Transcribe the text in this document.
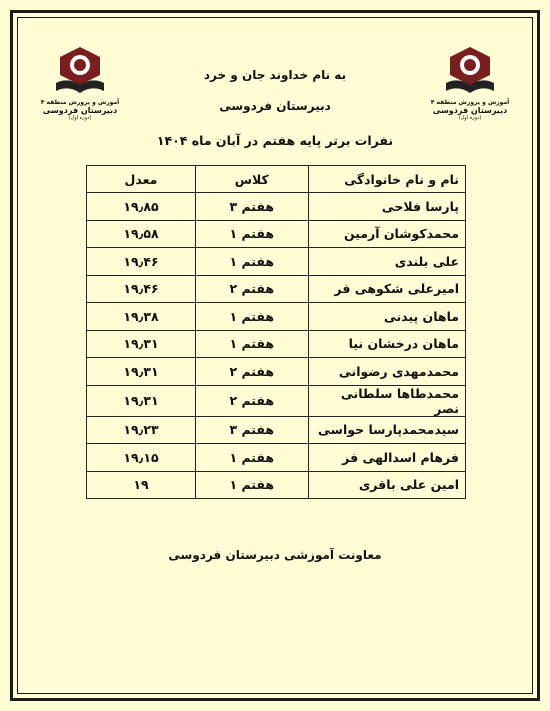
آموزش و پرورش منطقه ۴
دبیرستان فردوسی
(دوره اول)
آموزش و پرورش منطقه ۴
دبیرستان فردوسی
(دوره اول)
به نام خداوند جان و خرد
دبیرستان فردوسی
نفرات برتر پایه هفتم در آبان ماه ۱۴۰۴
نام و نام خانوادگی	کلاس	معدل
پارسا فلاحی	هفتم ۳	۱۹٫۸۵
محمدکوشان آرمین	هفتم ۱	۱۹٫۵۸
علی بلندی	هفتم ۱	۱۹٫۴۶
امیرعلی شکوهی فر	هفتم ۲	۱۹٫۴۶
ماهان پیدنی	هفتم ۱	۱۹٫۳۸
ماهان درخشان نیا	هفتم ۱	۱۹٫۳۱
محمدمهدی رضوانی	هفتم ۲	۱۹٫۳۱
محمدطاها سلطانی نصر	هفتم ۲	۱۹٫۳۱
سیدمحمدپارسا حواسی	هفتم ۳	۱۹٫۲۳
فرهام اسدالهی فر	هفتم ۱	۱۹٫۱۵
امین علی باقری	هفتم ۱	۱۹
معاونت آموزشی دبیرستان فردوسی
